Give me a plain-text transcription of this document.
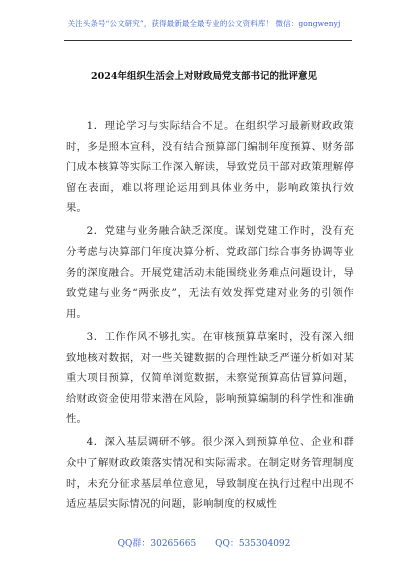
关注头条号“公文研究”，获得最新最全最专业的公文资料库！ 微信：gongwenyj
2024年组织生活会上对财政局党支部书记的批评意见

1．理论学习与实际结合不足。在组织学习最新财政政策时，多是照本宣科，没有结合预算部门编制年度预算、财务部门成本核算等实际工作深入解读，导致党员干部对政策理解停留在表面，难以将理论运用到具体业务中，影响政策执行效果。

2．党建与业务融合缺乏深度。谋划党建工作时，没有充分考虑与决算部门年度决算分析、党政部门综合事务协调等业务的深度融合。开展党建活动未能围绕业务难点问题设计，导致党建与业务“两张皮”，无法有效发挥党建对业务的引领作用。

3．工作作风不够扎实。在审核预算草案时，没有深入细致地核对数据，对一些关键数据的合理性缺乏严谨分析如对某重大项目预算，仅简单浏览数据，未察觉预算高估冒算问题，给财政资金使用带来潜在风险，影响预算编制的科学性和准确性。

4．深入基层调研不够。很少深入到预算单位、企业和群众中了解财政政策落实情况和实际需求。在制定财务管理制度时，未充分征求基层单位意见，导致制度在执行过程中出现不适应基层实际情况的问题，影响制度的权威性

QQ群：30265665 QQ：535304092
